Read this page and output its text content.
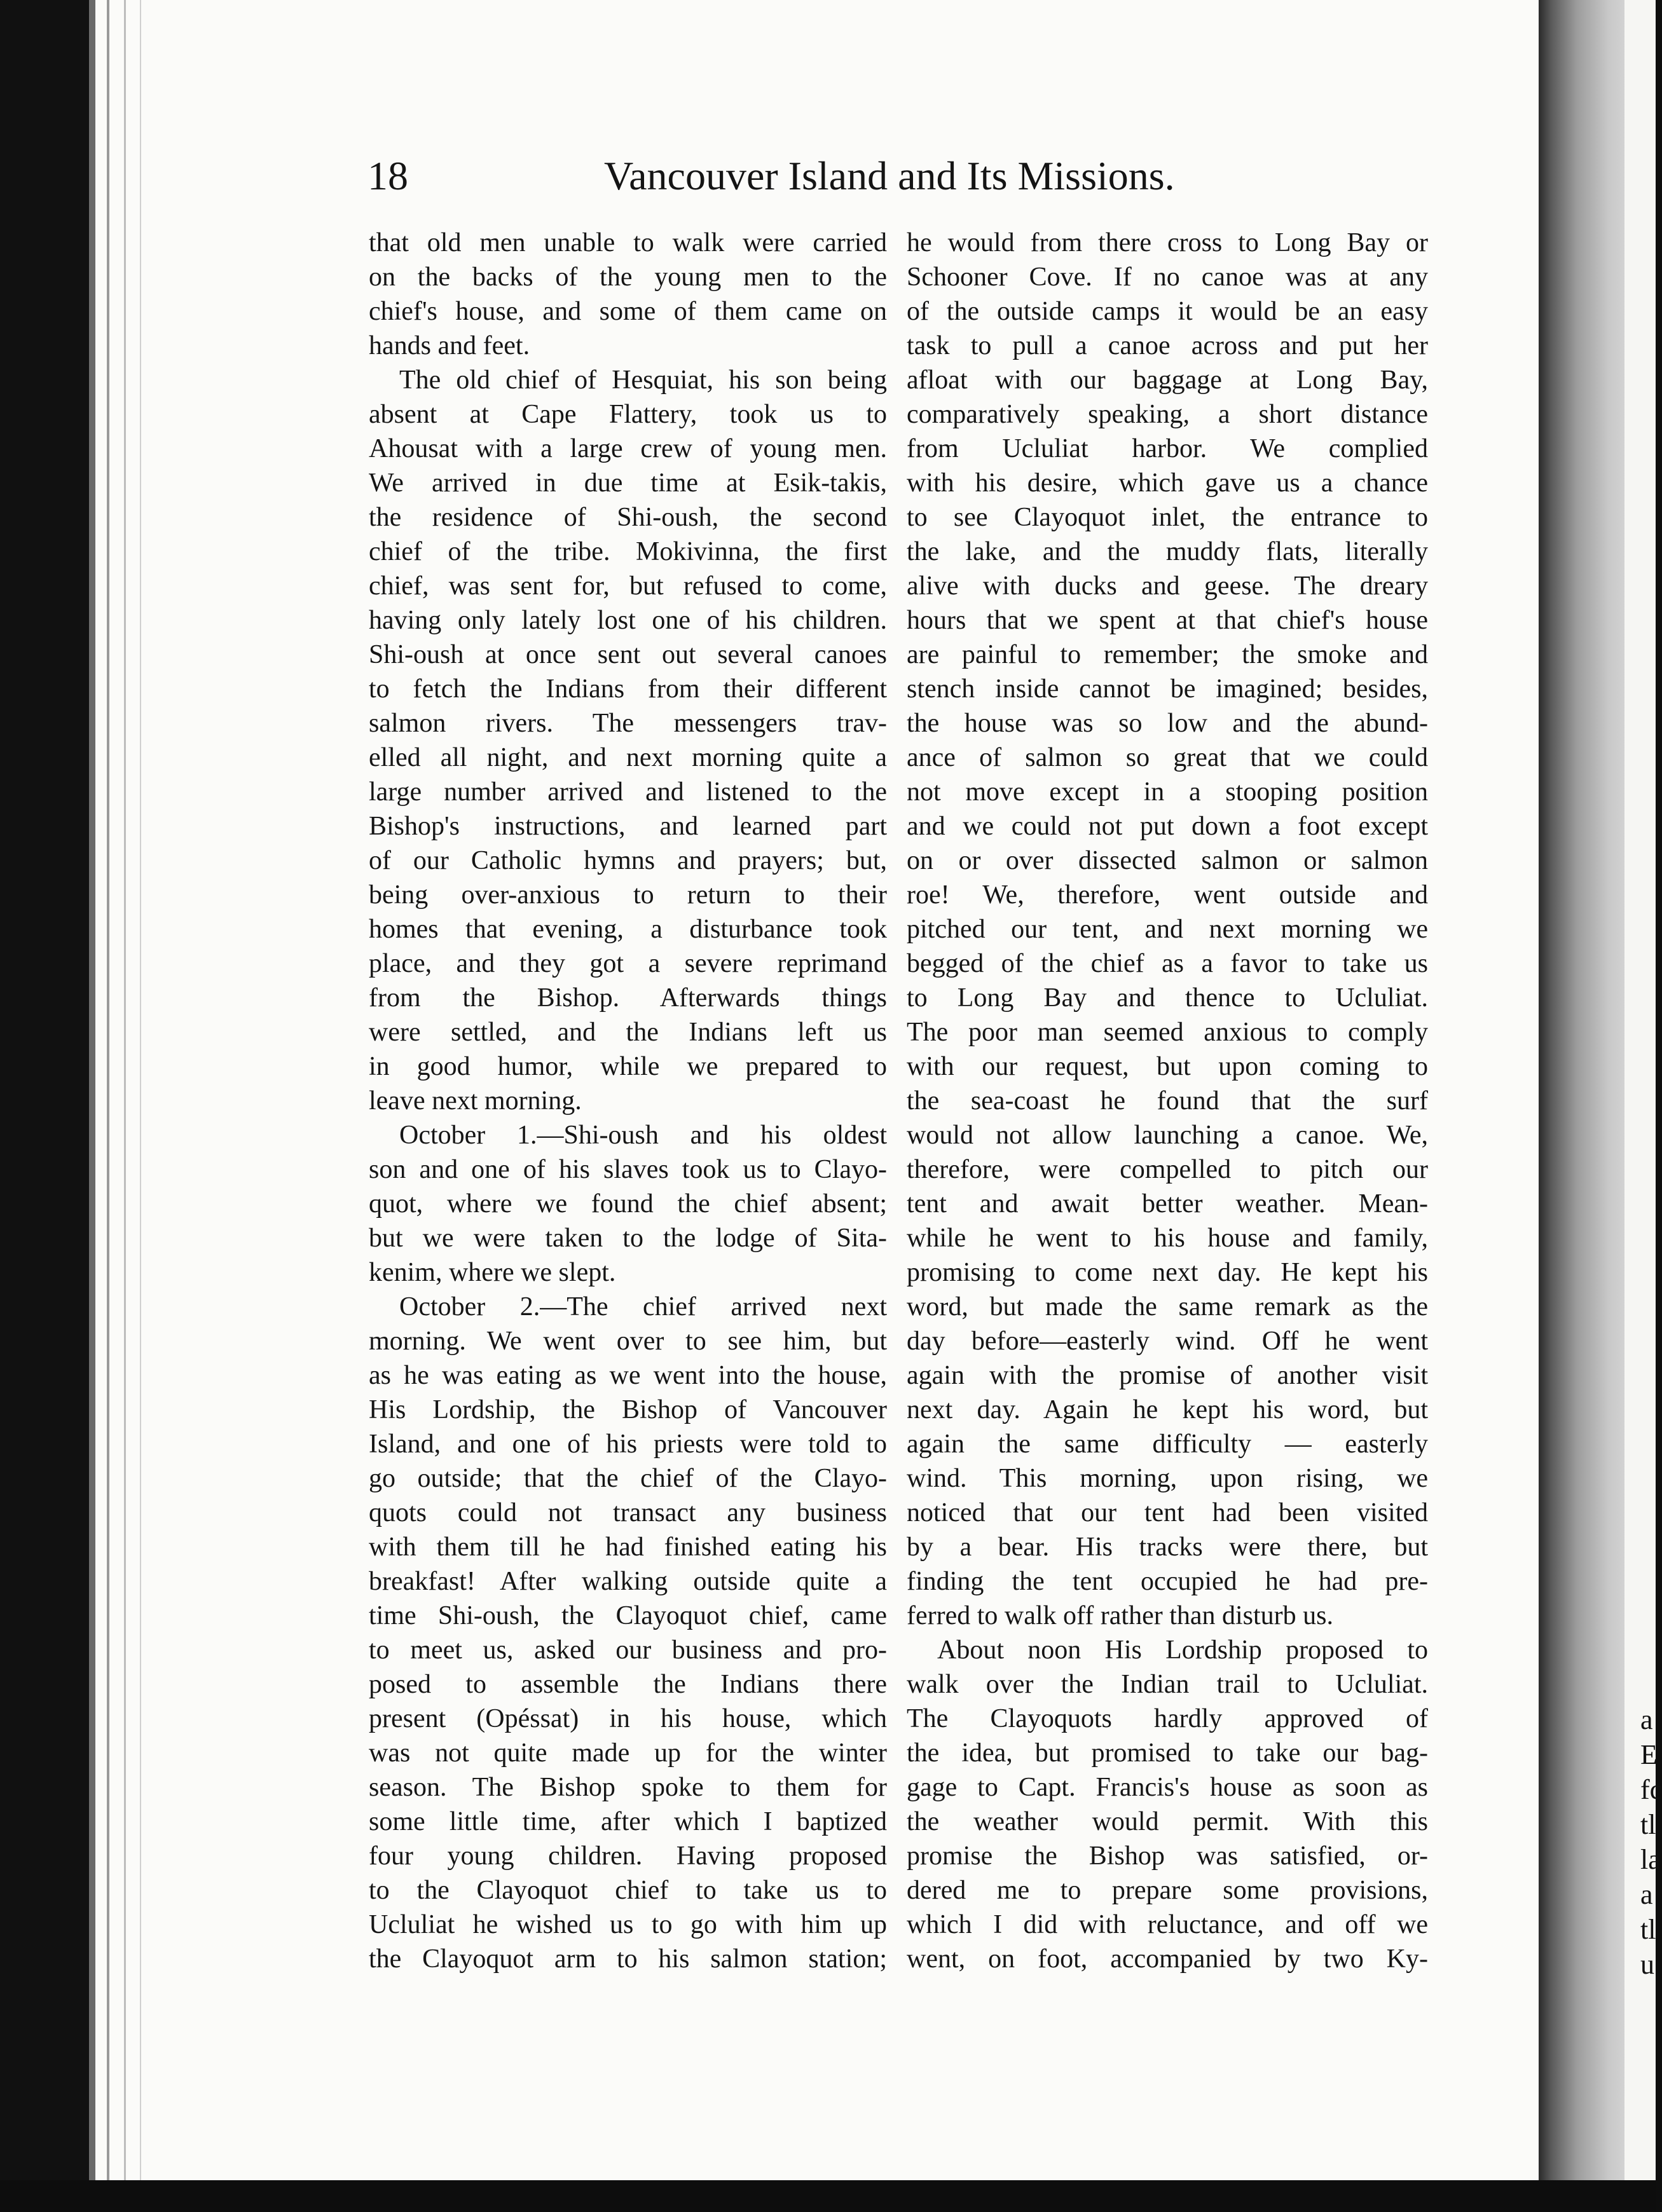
a
E
fc
tl
la
a
tl
u
18	Vancouver Island and Its Missions.
that old men unable to walk were carried
on the backs of the young men to the
chief's house, and some of them came on
hands and feet.
The old chief of Hesquiat, his son being
absent at Cape Flattery, took us to
Ahousat with a large crew of young men.
We arrived in due time at Esik-takis,
the residence of Shi-oush, the second
chief of the tribe. Mokivinna, the first
chief, was sent for, but refused to come,
having only lately lost one of his children.
Shi-oush at once sent out several canoes
to fetch the Indians from their different
salmon rivers. The messengers trav-
elled all night, and next morning quite a
large number arrived and listened to the
Bishop's instructions, and learned part
of our Catholic hymns and prayers; but,
being over-anxious to return to their
homes that evening, a disturbance took
place, and they got a severe reprimand
from the Bishop. Afterwards things
were settled, and the Indians left us
in good humor, while we prepared to
leave next morning.
October 1.—Shi-oush and his oldest
son and one of his slaves took us to Clayo-
quot, where we found the chief absent;
but we were taken to the lodge of Sita-
kenim, where we slept.
October 2.—The chief arrived next
morning. We went over to see him, but
as he was eating as we went into the house,
His Lordship, the Bishop of Vancouver
Island, and one of his priests were told to
go outside; that the chief of the Clayo-
quots could not transact any business
with them till he had finished eating his
breakfast! After walking outside quite a
time Shi-oush, the Clayoquot chief, came
to meet us, asked our business and pro-
posed to assemble the Indians there
present (Opéssat) in his house, which
was not quite made up for the winter
season. The Bishop spoke to them for
some little time, after which I baptized
four young children. Having proposed
to the Clayoquot chief to take us to
Ucluliat he wished us to go with him up
the Clayoquot arm to his salmon station;
he would from there cross to Long Bay or
Schooner Cove. If no canoe was at any
of the outside camps it would be an easy
task to pull a canoe across and put her
afloat with our baggage at Long Bay,
comparatively speaking, a short distance
from Ucluliat harbor. We complied
with his desire, which gave us a chance
to see Clayoquot inlet, the entrance to
the lake, and the muddy flats, literally
alive with ducks and geese. The dreary
hours that we spent at that chief's house
are painful to remember; the smoke and
stench inside cannot be imagined; besides,
the house was so low and the abund-
ance of salmon so great that we could
not move except in a stooping position
and we could not put down a foot except
on or over dissected salmon or salmon
roe! We, therefore, went outside and
pitched our tent, and next morning we
begged of the chief as a favor to take us
to Long Bay and thence to Ucluliat.
The poor man seemed anxious to comply
with our request, but upon coming to
the sea-coast he found that the surf
would not allow launching a canoe. We,
therefore, were compelled to pitch our
tent and await better weather. Mean-
while he went to his house and family,
promising to come next day. He kept his
word, but made the same remark as the
day before—easterly wind. Off he went
again with the promise of another visit
next day. Again he kept his word, but
again the same difficulty — easterly
wind. This morning, upon rising, we
noticed that our tent had been visited
by a bear. His tracks were there, but
finding the tent occupied he had pre-
ferred to walk off rather than disturb us.
About noon His Lordship proposed to
walk over the Indian trail to Ucluliat.
The Clayoquots hardly approved of
the idea, but promised to take our bag-
gage to Capt. Francis's house as soon as
the weather would permit. With this
promise the Bishop was satisfied, or-
dered me to prepare some provisions,
which I did with reluctance, and off we
went, on foot, accompanied by two Ky-
